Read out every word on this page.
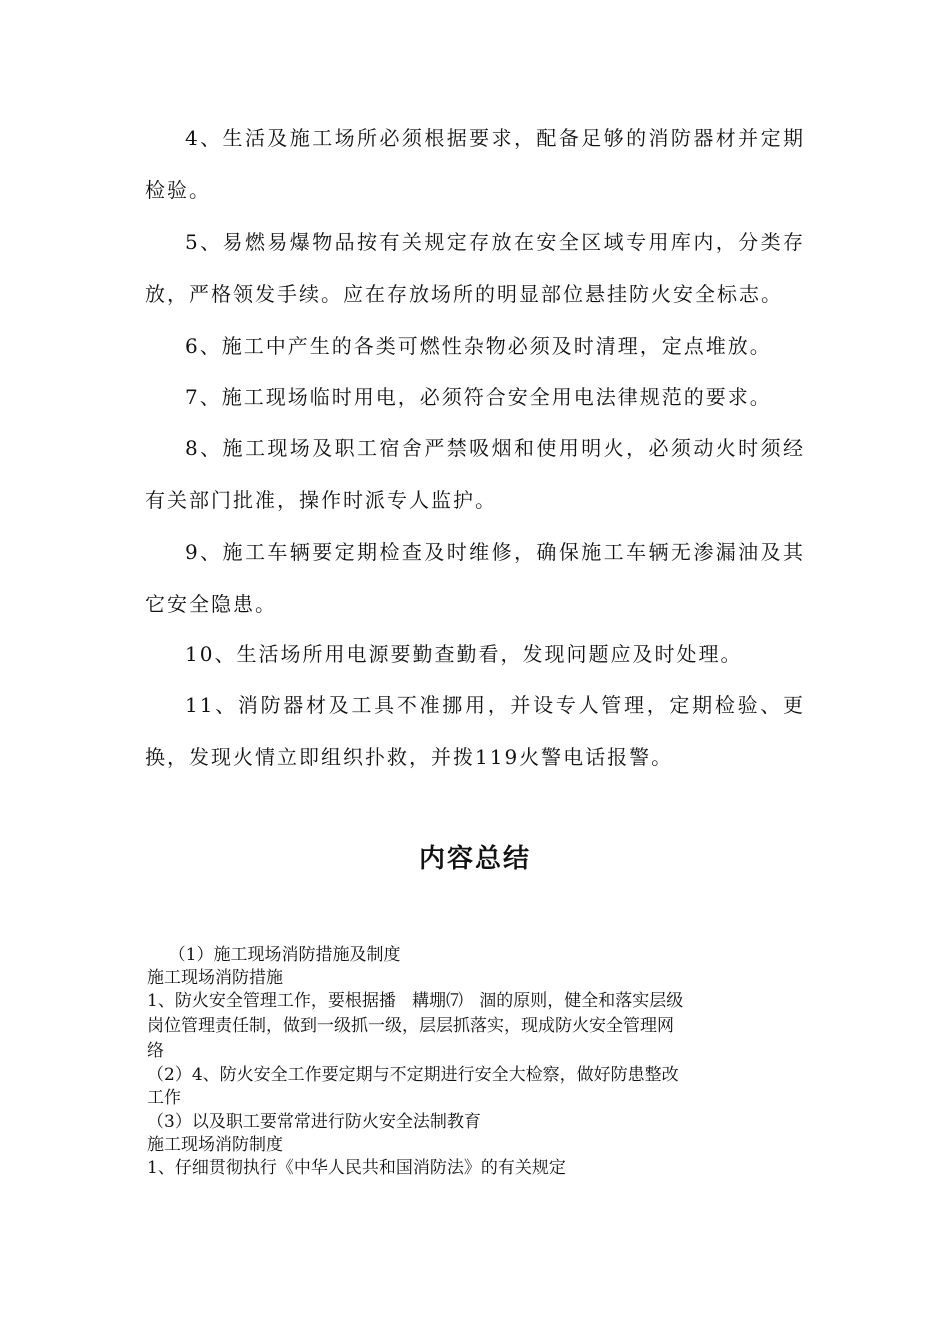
4、生活及施工场所必须根据要求，配备足够的消防器材并定期检验。

5、易燃易爆物品按有关规定存放在安全区域专用库内，分类存放，严格领发手续。应在存放场所的明显部位悬挂防火安全标志。

6、施工中产生的各类可燃性杂物必须及时清理，定点堆放。

7、施工现场临时用电，必须符合安全用电法律规范的要求。

8、施工现场及职工宿舍严禁吸烟和使用明火，必须动火时须经有关部门批准，操作时派专人监护。

9、施工车辆要定期检查及时维修，确保施工车辆无渗漏油及其它安全隐患。

10、生活场所用电源要勤查勤看，发现问题应及时处理。

11、消防器材及工具不准挪用，并设专人管理，定期检验、更换，发现火情立即组织扑救，并拨119火警电话报警。

内容总结

（1）施工现场消防措施及制度

施工现场消防措施

1、防火安全管理工作，要根据播   耩堋⑺   涸的原则，健全和落实层级

岗位管理责任制，做到一级抓一级，层层抓落实，现成防火安全管理网

络

（2）4、防火安全工作要定期与不定期进行安全大检察，做好防患整改

工作

（3）以及职工要常常进行防火安全法制教育

施工现场消防制度

1、仔细贯彻执行《中华人民共和国消防法》的有关规定
